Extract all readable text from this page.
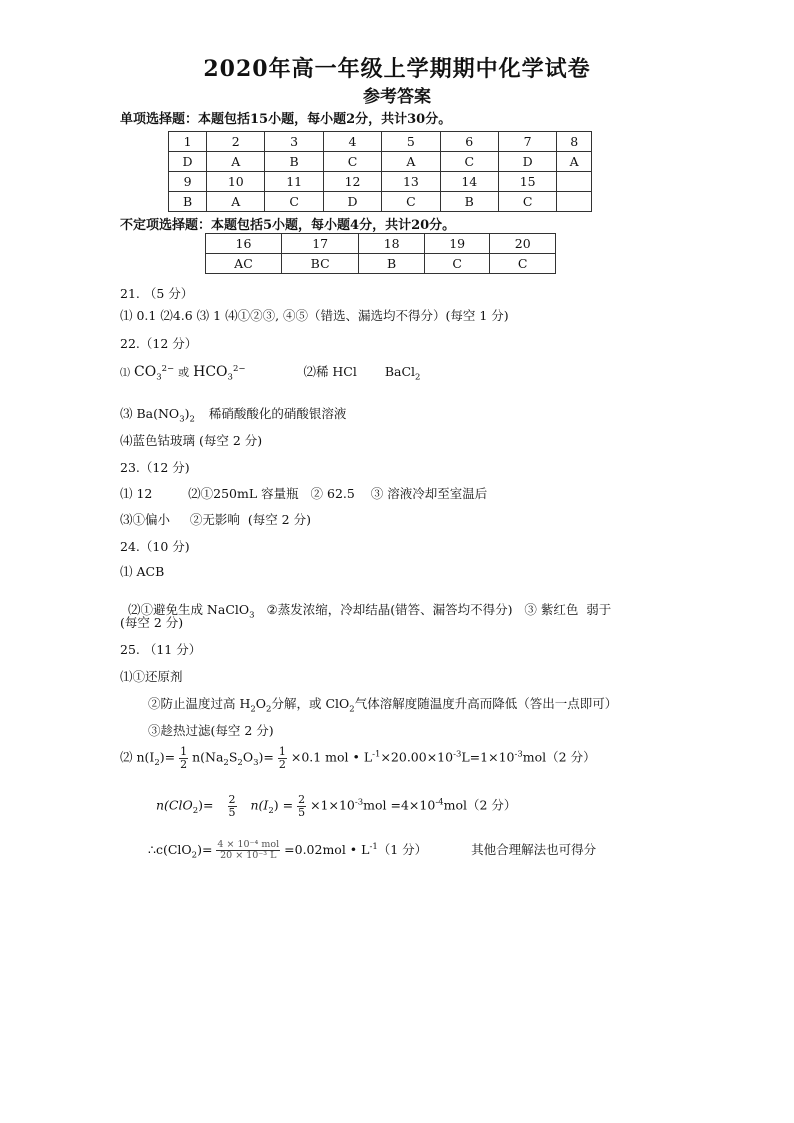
2020年高一年级上学期期中化学试卷
参考答案
单项选择题：本题包括15小题，每小题2分，共计30分。
1	2	3	4	5	6	7	8
D	A	B	C	A	C	D	A
9	10	11	12	13	14	15	
B	A	C	D	C	B	C	
不定项选择题：本题包括5小题，每小题4分，共计20分。
16	17	18	19	20
AC	BC	B	C	C
21. （5 分）
⑴ 0.1 ⑵4.6 ⑶ 1 ⑷①②③, ④⑤（错选、漏选均不得分）(每空 1 分)
22.（12 分）
⑴ $CO_3^{2-}$ 或 $HCO_3^{2-}$	⑵稀 HCl BaCl$_2$
⑶ $Ba(NO_3)_2$ 稀硝酸酸化的硝酸银溶液
⑷蓝色钴玻璃 (每空 2 分)
23.（12 分)
⑴ 12         ⑵①250mL 容量瓶   ② 62.5    ③ 溶液冷却至室温后
⑶①偏小     ②无影响  (每空 2 分)
24.（10 分)
⑴ ACB

⑵①避免生成 NaClO$_3$   ②蒸发浓缩，冷却结晶(错答、漏答均不得分)   ③ 紫红色  弱于

(每空 2 分)
25. （11 分）
⑴①还原剂
②防止温度过高 $H_2O_2$分解，或 ClO$_2$气体溶解度随温度升高而降低（答出一点即可）
③趁热过滤(每空 2 分)
⑵ $n(I_2)= \frac{1}{2} n(Na_2S_2O_3)= \frac{1}{2} \times 0.1$ mol • $L^{-1}\times 20.00\times 10^{-3}L=1\times 10^{-3}mol(2$ 分）
$n(ClO_2)= \frac{2}{5} n(I_2) = \frac{2}{5} \times 1\times 10^{-3}mol =4\times 10^{-4}mol(2$ 分）
∴c(ClO$_2$)= $\frac{\text{4 × 10⁻⁴ mol}}{\text{20 × 10⁻³ L}} =0.02mol$ • $L^{-1}(1$ 分）	其他合理解法也可得分
